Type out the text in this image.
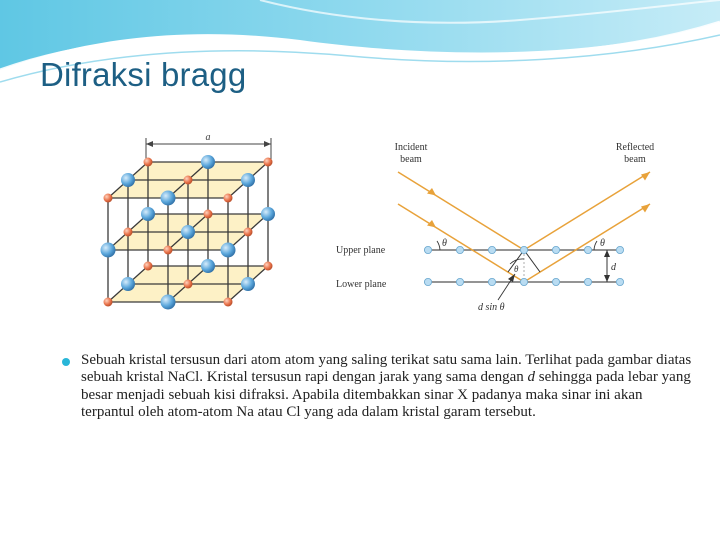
Difraksi bragg
a
Incident
beam
Reflected
beam
Upper plane
Lower plane
θ	θ
θ	d
d sin θ

Sebuah kristal tersusun dari atom atom yang saling terikat satu sama lain. Terlihat pada gambar diatas sebuah kristal NaCl. Kristal tersusun rapi dengan jarak yang sama dengan d sehingga pada lebar yang besar menjadi sebuah kisi difraksi. Apabila ditembakkan sinar X padanya maka sinar ini akan terpantul oleh atom-atom Na atau Cl yang ada dalam kristal garam tersebut.
